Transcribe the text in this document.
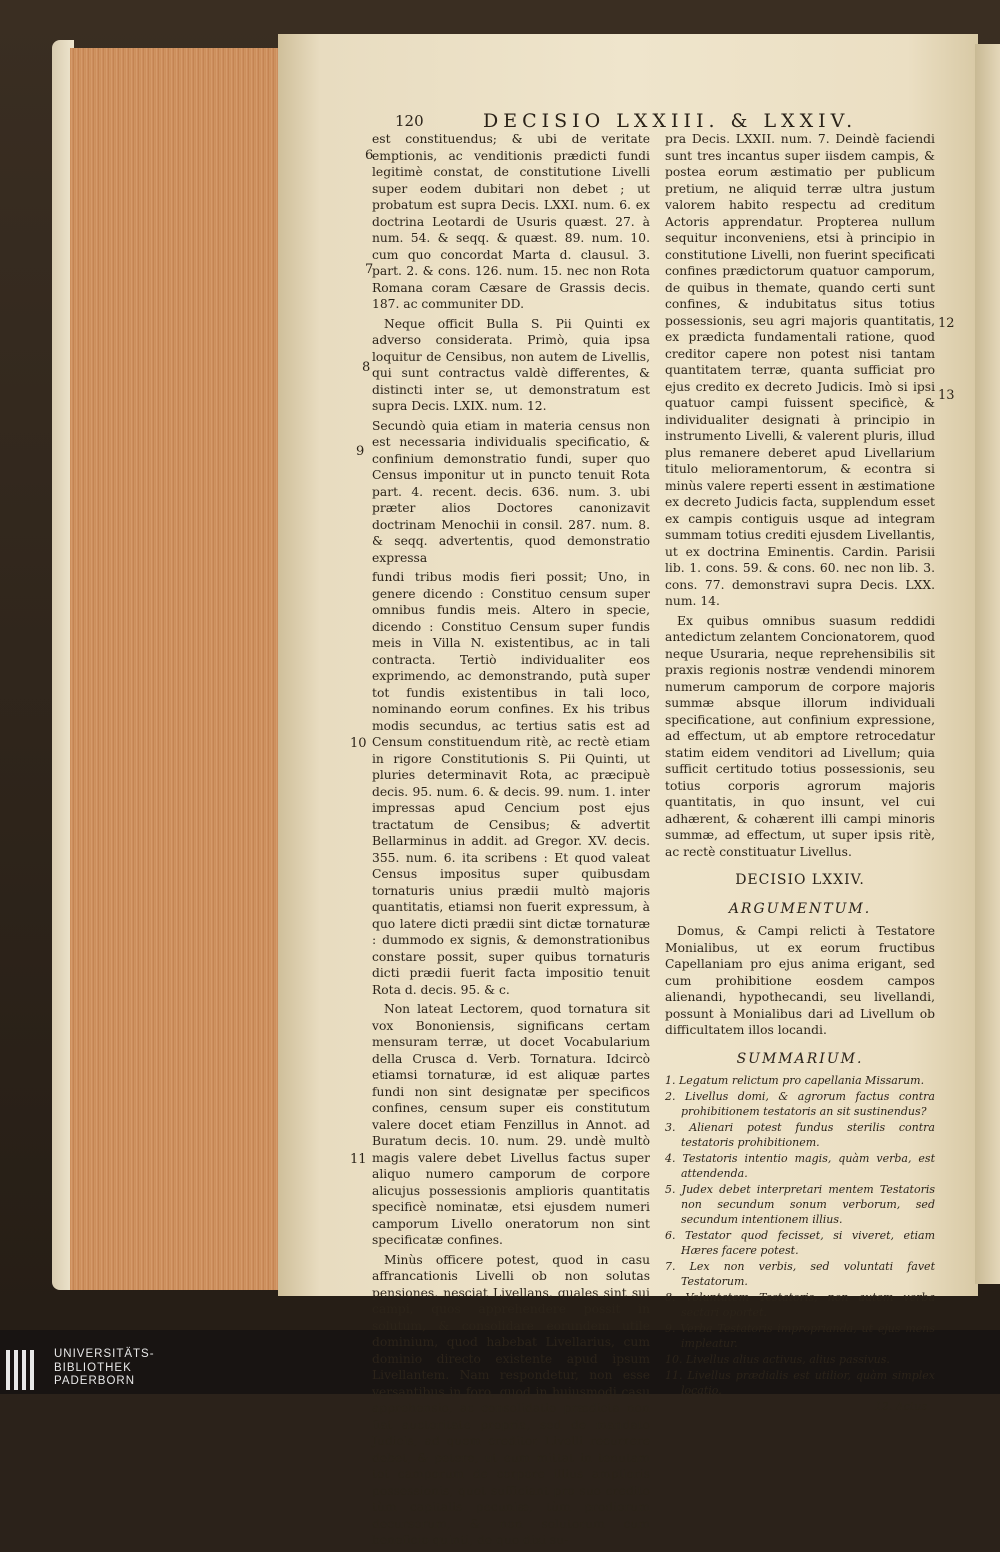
120	DECISIO LXXIII. & LXXIV.

est constituendus; & ubi de veritate emptionis, ac venditionis prædicti fundi legitimè constat, de constitutione Livelli super eodem dubitari non debet ; ut probatum est supra Decis. LXXI. num. 6. ex doctrina Leotardi de Usuris quæst. 27. à num. 54. & seqq. & quæst. 89. num. 10. cum quo concordat Marta d. clausul. 3. part. 2. & cons. 126. num. 15. nec non Rota Romana coram Cæsare de Grassis decis. 187. ac communiter DD.

Neque officit Bulla S. Pii Quinti ex adverso considerata. Primò, quia ipsa loquitur de Censibus, non autem de Livellis, qui sunt contractus valdè differentes, & distincti inter se, ut demonstratum est supra Decis. LXIX. num. 12.

Secundò quia etiam in materia census non est necessaria individualis specificatio, & confinium demonstratio fundi, super quo Census imponitur ut in puncto tenuit Rota part. 4. recent. decis. 636. num. 3. ubi præter alios Doctores canonizavit doctrinam Menochii in consil. 287. num. 8. & seqq. advertentis, quod demonstratio expressa

fundi tribus modis fieri possit; Uno, in genere dicendo : Constituo censum super omnibus fundis meis. Altero in specie, dicendo : Constituo Censum super fundis meis in Villa N. existentibus, ac in tali contracta. Tertiò individualiter eos exprimendo, ac demonstrando, putà super tot fundis existentibus in tali loco, nominando eorum confines. Ex his tribus modis secundus, ac tertius satis est ad Censum constituendum ritè, ac rectè etiam in rigore Constitutionis S. Pii Quinti, ut pluries determinavit Rota, ac præcipuè decis. 95. num. 6. & decis. 99. num. 1. inter impressas apud Cencium post ejus tractatum de Censibus; & advertit Bellarminus in addit. ad Gregor. XV. decis. 355. num. 6. ita scribens : Et quod valeat Census impositus super quibusdam tornaturis unius prædii multò majoris quantitatis, etiamsi non fuerit expressum, à quo latere dicti prædii sint dictæ tornaturæ : dummodo ex signis, & demonstrationibus constare possit, super quibus tornaturis dicti prædii fuerit facta impositio tenuit Rota d. decis. 95. & c.

Non lateat Lectorem, quod tornatura sit vox Bononiensis, significans certam mensuram terræ, ut docet Vocabularium della Crusca d. Verb. Tornatura. Idcircò etiamsi tornaturæ, id est aliquæ partes fundi non sint designatæ per specificos confines, censum super eis constitutum valere docet etiam Fenzillus in Annot. ad Buratum decis. 10. num. 29. undè multò magis valere debet Livellus factus super aliquo numero camporum de corpore alicujus possessionis amplioris quantitatis specificè nominatæ, etsi ejusdem numeri camporum Livello oneratorum non sint specificatæ confines.

Minùs officere potest, quod in casu affrancationis Livelli ob non solutas pensiones, nesciat Livellans, quales sint sui campi, quos apprehendere possit in solutum, & consolidare eorundem utile dominium, quod habebat Livellarius, cum dominio directo existente apud ipsum Livellantem. Nam respondetur, non esse versantibus in foro, quod in hujusmodi casu apprehensio, ac consolidatio prædicta non fiat auctoritate propria, sed de mandato Judicis, ad quem creditor Livelli recurrere debet, & petere, ut eum mittat in tenutam tot camporum de corpore illius amplioris possessionis, quot sufficiant pro suo credito tùm capitalis pecuniæ, tùm prodiorum decursorum, & non solutorum cum beneficio quinti, de quo dixi su-

6
7
8
9
10
11
12
13

pra Decis. LXXII. num. 7. Deindè faciendi sunt tres incantus super iisdem campis, & postea eorum æstimatio per publicum pretium, ne aliquid terræ ultra justum valorem habito respectu ad creditum Actoris apprendatur. Propterea nullum sequitur inconveniens, etsi à principio in constitutione Livelli, non fuerint specificati confines prædictorum quatuor camporum, de quibus in themate, quando certi sunt confines, & indubitatus situs totius possessionis, seu agri majoris quantitatis, ex prædicta fundamentali ratione, quod creditor capere non potest nisi tantam quantitatem terræ, quanta sufficiat pro ejus credito ex decreto Judicis. Imò si ipsi quatuor campi fuissent specificè, & individualiter designati à principio in instrumento Livelli, & valerent pluris, illud plus remanere deberet apud Livellarium titulo melioramentorum, & econtra si minùs valere reperti essent in æstimatione ex decreto Judicis facta, supplendum esset ex campis contiguis usque ad integram summam totius crediti ejusdem Livellantis, ut ex doctrina Eminentis. Cardin. Parisii lib. 1. cons. 59. & cons. 60. nec non lib. 3. cons. 77. demonstravi supra Decis. LXX. num. 14.

Ex quibus omnibus suasum reddidi antedictum zelantem Concionatorem, quod neque Usuraria, neque reprehensibilis sit praxis regionis nostræ vendendi minorem numerum camporum de corpore majoris summæ absque illorum individuali specificatione, aut confinium expressione, ad effectum, ut ab emptore retrocedatur statim eidem venditori ad Livellum; quia sufficit certitudo totius possessionis, seu totius corporis agrorum majoris quantitatis, in quo insunt, vel cui adhærent, & cohærent illi campi minoris summæ, ad effectum, ut super ipsis ritè, ac rectè constituatur Livellus.

DECISIO LXXIV.
ARGUMENTUM.

Domus, & Campi relicti à Testatore Monialibus, ut ex eorum fructibus Capellaniam pro ejus anima erigant, sed cum prohibitione eosdem campos alienandi, hypothecandi, seu livellandi, possunt à Monialibus dari ad Livellum ob difficultatem illos locandi.

SUMMARIUM.
1. Legatum relictum pro capellania Missarum.
2. Livellus domi, & agrorum factus contra prohibitionem testatoris an sit sustinendus?
3. Alienari potest fundus sterilis contra testatoris prohibitionem.
4. Testatoris intentio magis, quàm verba, est attendenda.
5. Judex debet interpretari mentem Testatoris non secundum sonum verborum, sed secundum intentionem illius.
6. Testator quod fecisset, si viveret, etiam Hæres facere potest.
7. Lex non verbis, sed voluntati favet Testatorum.
8. Voluntatem Testatoris, non autem verba sectari oportet.
9. Verba Testatoris improprianda, ut ejus mens impleatur.
10. Livellus alius activus, alius passivus.
11. Livellus prædialis est utilior, quàm simplex locatio.
12. Actus
UNIVERSITÄTS-
BIBLIOTHEK
PADERBORN
